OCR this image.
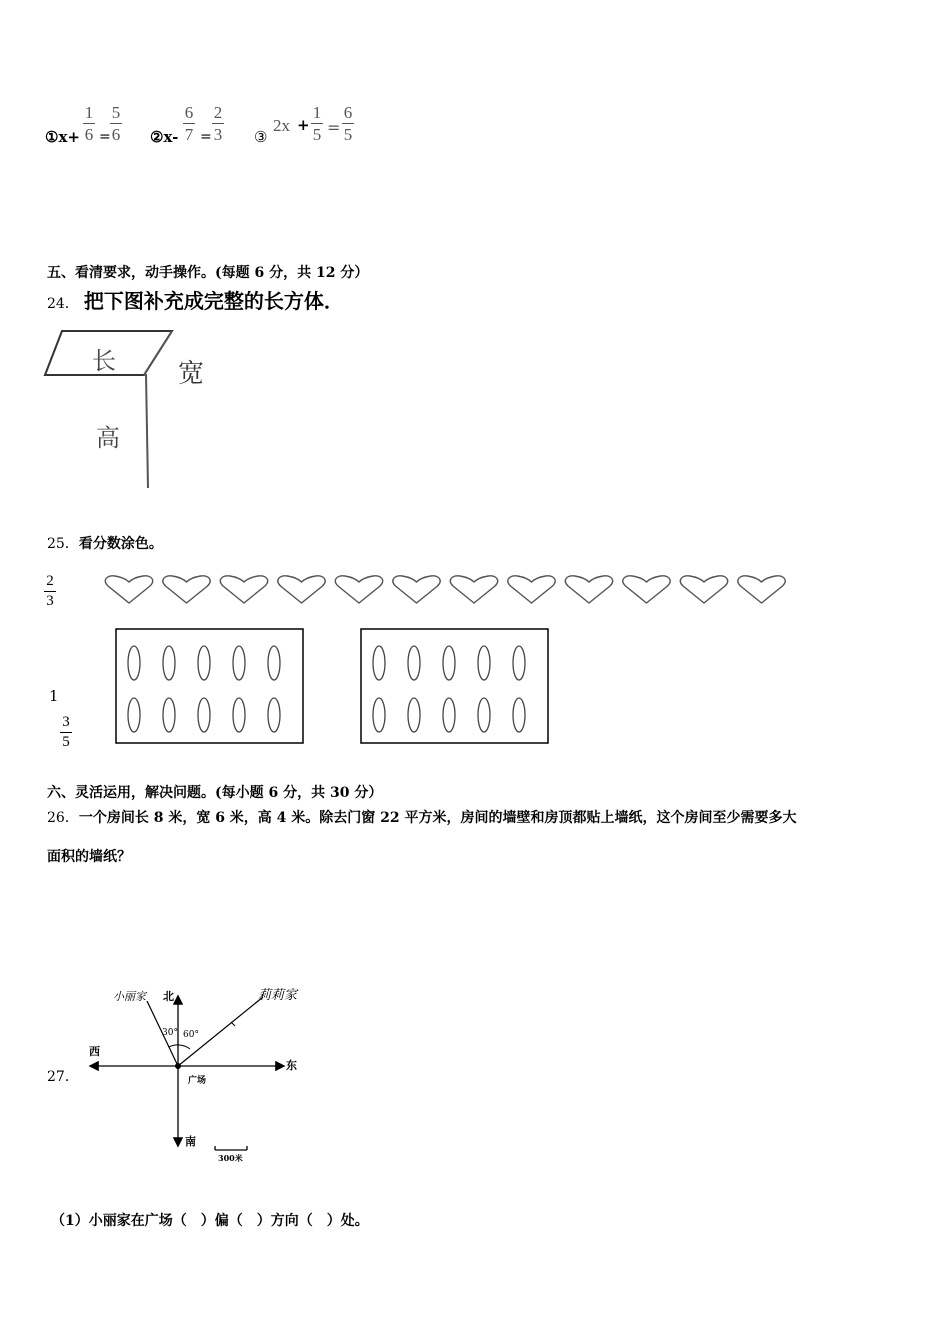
①x+
1
6 =
5
6 ②x-
6
7 =
2
3 ③
2x +
1
5 =
6
5
五、看清要求，动手操作。(每题 6 分，共 12 分）
24． 把下图补充成完整的长方体．
长 宽
高
25．看分数涂色。
2
3
1
3
5
六、灵活运用，解决问题。(每小题 6 分，共 30 分）
26．一个房间长 8 米，宽 6 米，高 4 米。除去门窗 22 平方米，房间的墙壁和房顶都贴上墙纸，这个房间至少需要多大
面积的墙纸？
27．
小丽家 北	莉莉家
30° 60°
西
东
广场
南
300米
（1）小丽家在广场（　）偏（　）方向（　）处。
